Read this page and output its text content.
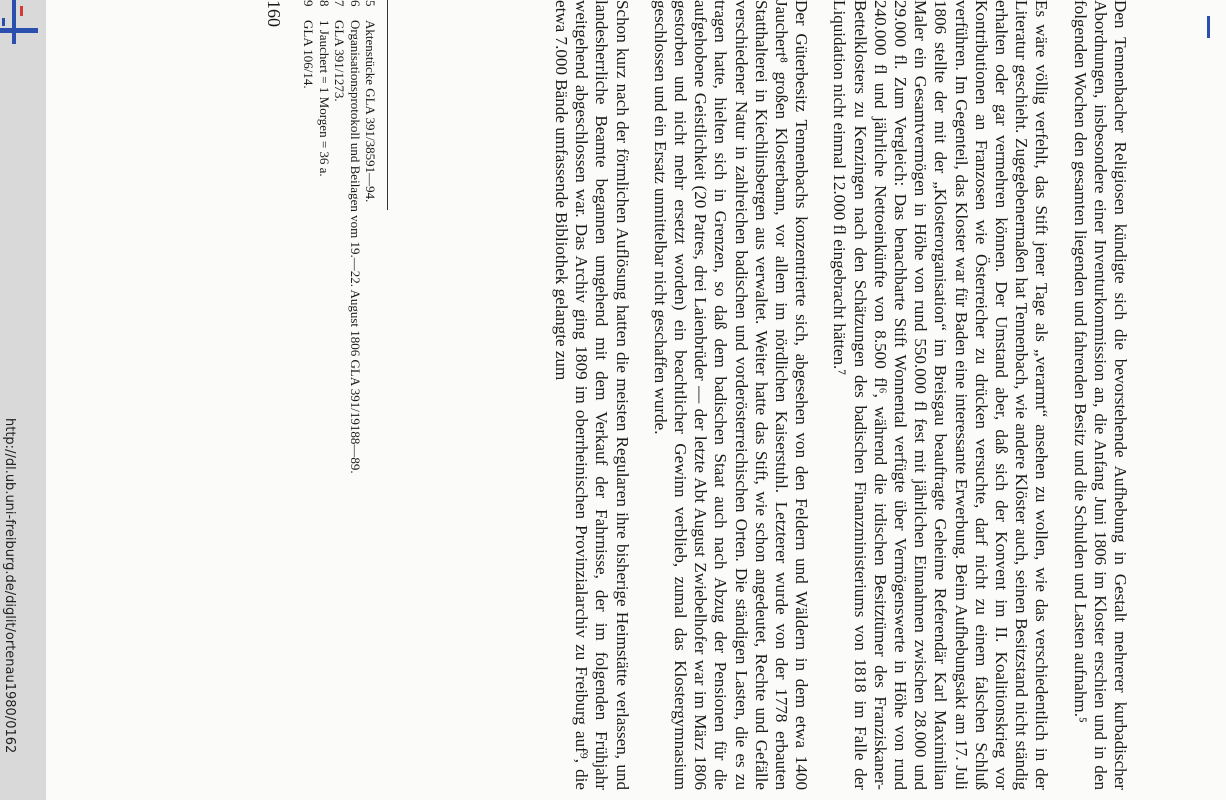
http://dl.ub.uni-freiburg.de/diglit/ortenau1980/0162	Den Tennenbacher Religiosen kündigte sich die bevorstehende Aufhebung in Gestalt mehrerer kurbadischer Abordnungen, insbesondere einer Inventurkommission an, die Anfang Juni 1806 im Kloster erschien und in den folgenden Wochen den gesamten liegenden und fahrenden Besitz und die Schulden und Lasten aufnahm.⁵

Es wäre völlig verfehlt, das Stift jener Tage als „verarmt“ ansehen zu wollen, wie das verschiedentlich in der Literatur geschieht. Zugegebenermaßen hat Tennenbach, wie andere Klöster auch, seinen Besitzstand nicht ständig erhalten oder gar vermehren können. Der Umstand aber, daß sich der Konvent im II. Koalitionskrieg vor Kontributionen an Franzosen wie Österreicher zu drücken versuchte, darf nicht zu einem falschen Schluß verführen. Im Gegenteil, das Kloster war für Baden eine interessante Erwerbung. Beim Aufhebungsakt am 17. Juli 1806 stellte der mit der „Klosterorganisation“ im Breisgau beauftragte Geheime Referendär Karl Maximilian Maler ein Gesamtvermögen in Höhe von rund 550.000 fl fest mit jährlichen Einnahmen zwischen 28.000 und 29.000 fl. Zum Vergleich: Das benachbarte Stift Wonnental verfügte über Vermögenswerte in Höhe von rund 240.000 fl und jährliche Nettoeinkünfte von 8.500 fl⁶, während die irdischen Besitztümer des Franziskaner-Bettelklosters zu Kenzingen nach den Schätzungen des badischen Finanzministeriums von 1818 im Falle der Liquidation nicht einmal 12.000 fl eingebracht hätten.⁷

Der Güterbesitz Tennenbachs konzentrierte sich, abgesehen von den Feldern und Wäldern in dem etwa 1400 Jauchert⁸ großen Klosterbann, vor allem im nördlichen Kaiserstuhl. Letzterer wurde von der 1778 erbauten Statthalterei in Kiechlinsbergen aus verwaltet. Weiter hatte das Stift, wie schon angedeutet, Rechte und Gefälle verschiedener Natur in zahlreichen badischen und vorderösterreichischen Orten. Die ständigen Lasten, die es zu tragen hatte, hielten sich in Grenzen, so daß dem badischen Staat auch nach Abzug der Pensionen für die aufgehobene Geistlichkeit (20 Patres, drei Laienbrüder — der letzte Abt August Zwiebelhofer war im März 1806 gestorben und nicht mehr ersetzt worden) ein beachtlicher Gewinn verblieb, zumal das Klostergymnasium geschlossen und ein Ersatz unmittelbar nicht geschaffen wurde.

Schon kurz nach der förmlichen Auflösung hatten die meisten Regularen ihre bisherige Heimstätte verlassen, und landesherrliche Beamte begannen umgehend mit dem Verkauf der Fahrnisse, der im folgenden Frühjahr weitgehend abgeschlossen war. Das Archiv ging 1809 im oberrheinischen Provinzialarchiv zu Freiburg auf⁹, die etwa 7.000 Bände umfassende Bibliothek gelangte zum

5
Aktenstücke GLA 391/38591—94.
6
Organisationsprotokoll und Beilagen vom 19.—22. August 1806 GLA 391/19188—89.
7
GLA 391/1273.
8
1 Jauchert = 1 Morgen = 36 a.
9
GLA 106/14.
160
